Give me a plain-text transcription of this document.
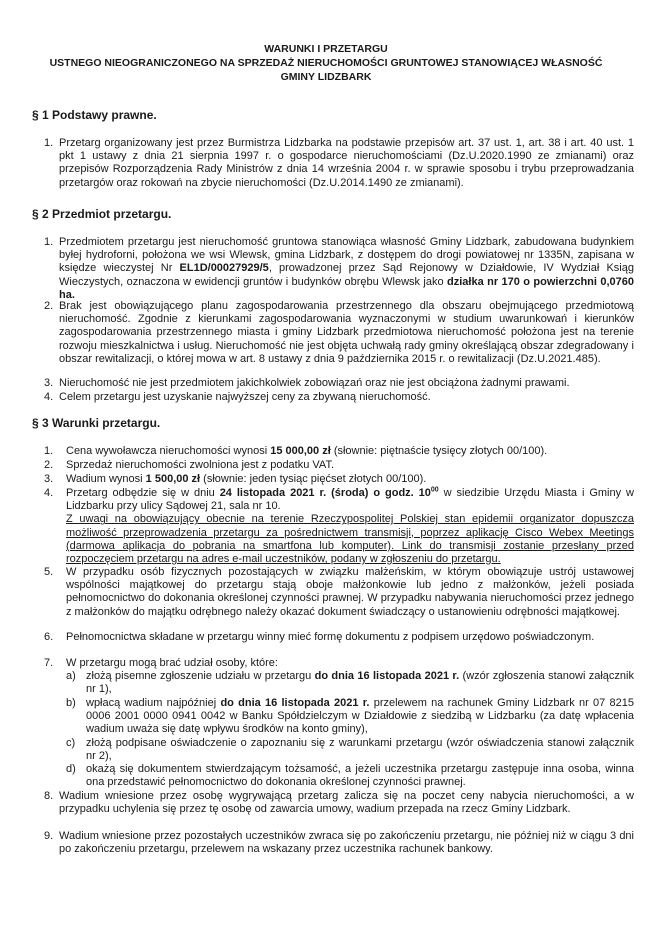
WARUNKI I PRZETARGU
USTNEGO NIEOGRANICZONEGO NA SPRZEDAŻ NIERUCHOMOŚCI GRUNTOWEJ STANOWIĄCEJ WŁASNOŚĆ
GMINY LIDZBARK
§ 1 Podstawy prawne.
1. Przetarg organizowany jest przez Burmistrza Lidzbarka na podstawie przepisów art. 37 ust. 1, art. 38 i art. 40 ust. 1 pkt 1 ustawy z dnia 21 sierpnia 1997 r. o gospodarce nieruchomościami (Dz.U.2020.1990 ze zmianami) oraz przepisów Rozporządzenia Rady Ministrów z dnia 14 września 2004 r. w sprawie sposobu i trybu przeprowadzania przetargów oraz rokowań na zbycie nieruchomości (Dz.U.2014.1490 ze zmianami).
§ 2 Przedmiot przetargu.
1. Przedmiotem przetargu jest nieruchomość gruntowa stanowiąca własność Gminy Lidzbark, zabudowana budynkiem byłej hydroforni, położona we wsi Wlewsk, gmina Lidzbark, z dostępem do drogi powiatowej nr 1335N, zapisana w księdze wieczystej Nr EL1D/00027929/5, prowadzonej przez Sąd Rejonowy w Działdowie, IV Wydział Ksiąg Wieczystych, oznaczona w ewidencji gruntów i budynków obrębu Wlewsk jako działka nr 170 o powierzchni 0,0760 ha.
2. Brak jest obowiązującego planu zagospodarowania przestrzennego dla obszaru obejmującego przedmiotową nieruchomość. Zgodnie z kierunkami zagospodarowania wyznaczonymi w studium uwarunkowań i kierunków zagospodarowania przestrzennego miasta i gminy Lidzbark przedmiotowa nieruchomość położona jest na terenie rozwoju mieszkalnictwa i usług. Nieruchomość nie jest objęta uchwałą rady gminy określającą obszar zdegradowany i obszar rewitalizacji, o której mowa w art. 8 ustawy z dnia 9 października 2015 r. o rewitalizacji (Dz.U.2021.485).
3. Nieruchomość nie jest przedmiotem jakichkolwiek zobowiązań oraz nie jest obciążona żadnymi prawami.
4. Celem przetargu jest uzyskanie najwyższej ceny za zbywaną nieruchomość.
§ 3 Warunki przetargu.
1. Cena wywoławcza nieruchomości wynosi 15 000,00 zł (słownie: piętnaście tysięcy złotych 00/100).
2. Sprzedaż nieruchomości zwolniona jest z podatku VAT.
3. Wadium wynosi 1 500,00 zł (słownie: jeden tysiąc pięćset złotych 00/100).
4. Przetarg odbędzie się w dniu 24 listopada 2021 r. (środa) o godz. $10^{00}$ w siedzibie Urzędu Miasta i Gminy w Lidzbarku przy ulicy Sądowej 21, sala nr 10.
Z uwagi na obowiązujący obecnie na terenie Rzeczypospolitej Polskiej stan epidemii organizator dopuszcza możliwość przeprowadzenia przetargu za pośrednictwem transmisji, poprzez aplikację Cisco Webex Meetings (darmowa aplikacja do pobrania na smartfona lub komputer). Link do transmisji zostanie przesłany przed rozpoczęciem przetargu na adres e-mail uczestników, podany w zgłoszeniu do przetargu.
5. W przypadku osób fizycznych pozostających w związku małżeńskim, w którym obowiązuje ustrój ustawowej wspólności majątkowej do przetargu stają oboje małżonkowie lub jedno z małżonków, jeżeli posiada pełnomocnictwo do dokonania określonej czynności prawnej. W przypadku nabywania nieruchomości przez jednego z małżonków do majątku odrębnego należy okazać dokument świadczący o ustanowieniu odrębności majątkowej.
6. Pełnomocnictwa składane w przetargu winny mieć formę dokumentu z podpisem urzędowo poświadczonym.
7. W przetargu mogą brać udział osoby, które:
a) złożą pisemne zgłoszenie udziału w przetargu do dnia 16 listopada 2021 r. (wzór zgłoszenia stanowi załącznik nr 1),
b) wpłacą wadium najpóźniej do dnia 16 listopada 2021 r. przelewem na rachunek Gminy Lidzbark nr 07 8215 0006 2001 0000 0941 0042 w Banku Spółdzielczym w Działdowie z siedzibą w Lidzbarku (za datę wpłacenia wadium uważa się datę wpływu środków na konto gminy),
c) złożą podpisane oświadczenie o zapoznaniu się z warunkami przetargu (wzór oświadczenia stanowi załącznik nr 2),
d) okażą się dokumentem stwierdzającym tożsamość, a jeżeli uczestnika przetargu zastępuje inna osoba, winna ona przedstawić pełnomocnictwo do dokonania określonej czynności prawnej.
8. Wadium wniesione przez osobę wygrywającą przetarg zalicza się na poczet ceny nabycia nieruchomości, a w przypadku uchylenia się przez tę osobę od zawarcia umowy, wadium przepada na rzecz Gminy Lidzbark.
9. Wadium wniesione przez pozostałych uczestników zwraca się po zakończeniu przetargu, nie później niż w ciągu 3 dni po zakończeniu przetargu, przelewem na wskazany przez uczestnika rachunek bankowy.
